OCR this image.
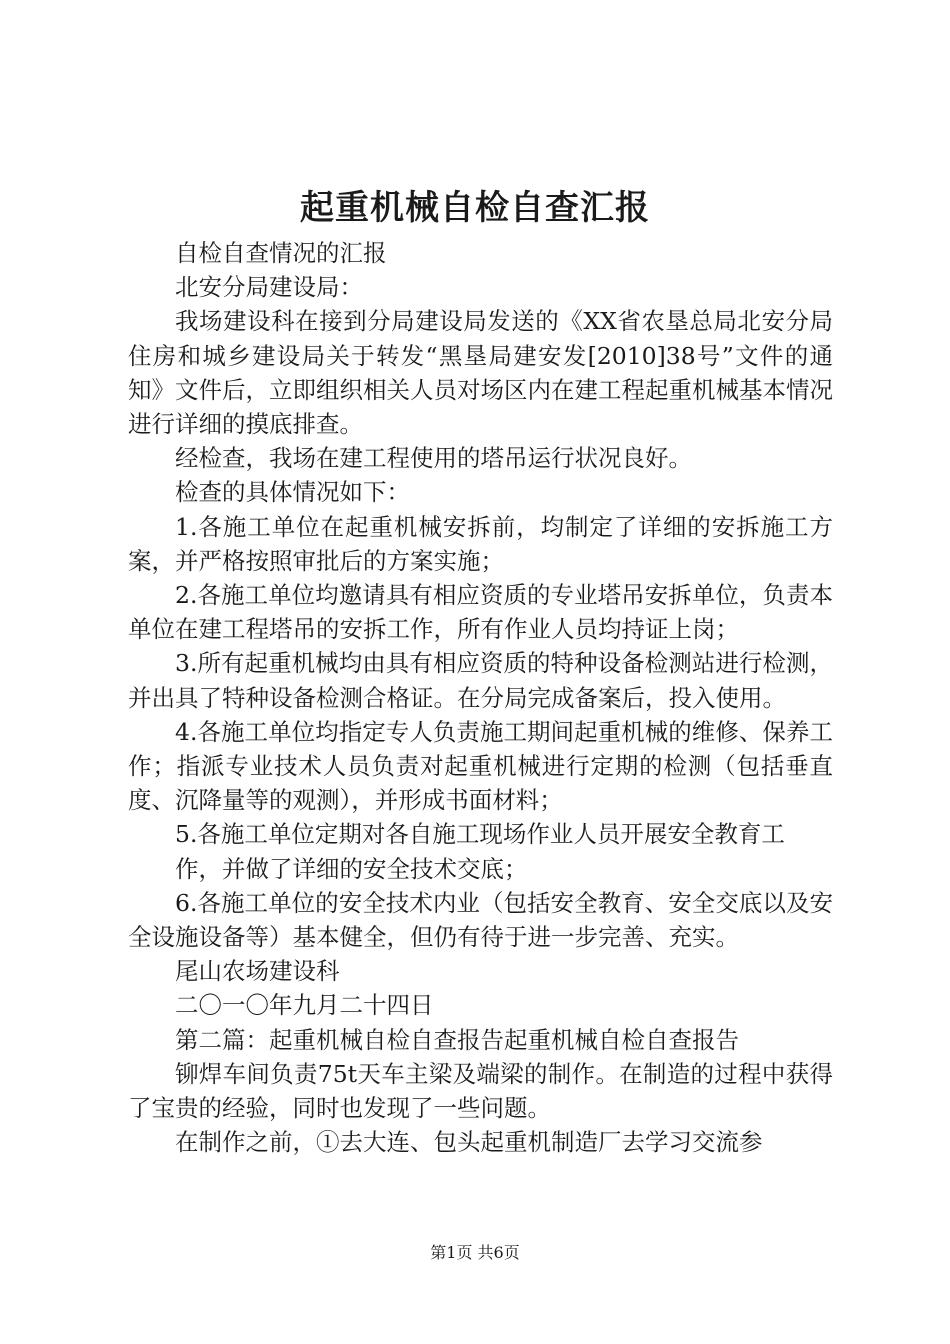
起重机械自检自查汇报

自检自查情况的汇报

北安分局建设局：

我场建设科在接到分局建设局发送的《XX省农垦总局北安分局住房和城乡建设局关于转发“黑垦局建安发[2010]38号”文件的通知》文件后，立即组织相关人员对场区内在建工程起重机械基本情况进行详细的摸底排查。

经检查，我场在建工程使用的塔吊运行状况良好。

检查的具体情况如下：

1.各施工单位在起重机械安拆前，均制定了详细的安拆施工方案，并严格按照审批后的方案实施；

2.各施工单位均邀请具有相应资质的专业塔吊安拆单位，负责本单位在建工程塔吊的安拆工作，所有作业人员均持证上岗；

3.所有起重机械均由具有相应资质的特种设备检测站进行检测，并出具了特种设备检测合格证。在分局完成备案后，投入使用。

4.各施工单位均指定专人负责施工期间起重机械的维修、保养工作；指派专业技术人员负责对起重机械进行定期的检测（包括垂直度、沉降量等的观测），并形成书面材料；

5.各施工单位定期对各自施工现场作业人员开展安全教育工

作，并做了详细的安全技术交底；

6.各施工单位的安全技术内业（包括安全教育、安全交底以及安全设施设备等）基本健全，但仍有待于进一步完善、充实。

尾山农场建设科

二〇一〇年九月二十四日

第二篇：起重机械自检自查报告起重机械自检自查报告

铆焊车间负责75t天车主梁及端梁的制作。在制造的过程中获得了宝贵的经验，同时也发现了一些问题。

在制作之前，①去大连、包头起重机制造厂去学习交流参

第1页 共6页
